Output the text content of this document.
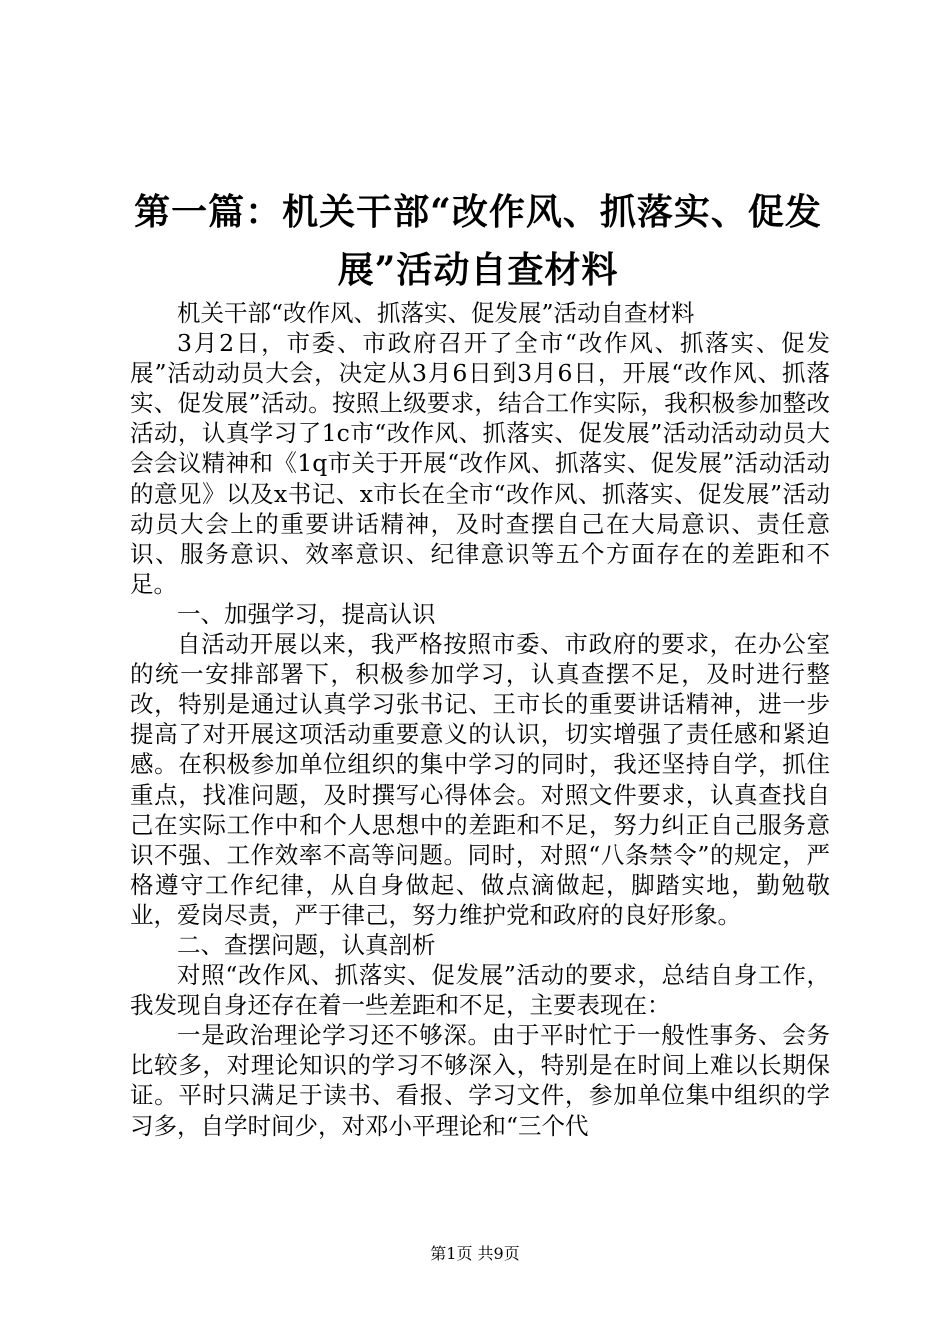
第一篇：机关干部“改作风、抓落实、促发
展”活动自查材料

机关干部“改作风、抓落实、促发展”活动自查材料

3月2日，市委、市政府召开了全市“改作风、抓落实、促发展”活动动员大会，决定从3月6日到3月6日，开展“改作风、抓落实、促发展”活动。按照上级要求，结合工作实际，我积极参加整改活动，认真学习了1c市“改作风、抓落实、促发展”活动活动动员大会会议精神和《1q市关于开展“改作风、抓落实、促发展”活动活动的意见》以及x书记、x市长在全市“改作风、抓落实、促发展”活动动员大会上的重要讲话精神，及时查摆自己在大局意识、责任意识、服务意识、效率意识、纪律意识等五个方面存在的差距和不足。

一、加强学习，提高认识

自活动开展以来，我严格按照市委、市政府的要求，在办公室的统一安排部署下，积极参加学习，认真查摆不足，及时进行整改，特别是通过认真学习张书记、王市长的重要讲话精神，进一步提高了对开展这项活动重要意义的认识，切实增强了责任感和紧迫感。在积极参加单位组织的集中学习的同时，我还坚持自学，抓住重点，找准问题，及时撰写心得体会。对照文件要求，认真查找自己在实际工作中和个人思想中的差距和不足，努力纠正自己服务意识不强、工作效率不高等问题。同时，对照“八条禁令”的规定，严格遵守工作纪律，从自身做起、做点滴做起，脚踏实地，勤勉敬业，爱岗尽责，严于律己，努力维护党和政府的良好形象。

二、查摆问题，认真剖析

对照“改作风、抓落实、促发展”活动的要求，总结自身工作，我发现自身还存在着一些差距和不足，主要表现在：

一是政治理论学习还不够深。由于平时忙于一般性事务、会务比较多，对理论知识的学习不够深入，特别是在时间上难以长期保证。平时只满足于读书、看报、学习文件，参加单位集中组织的学习多，自学时间少，对邓小平理论和“三个代

第1页 共9页
